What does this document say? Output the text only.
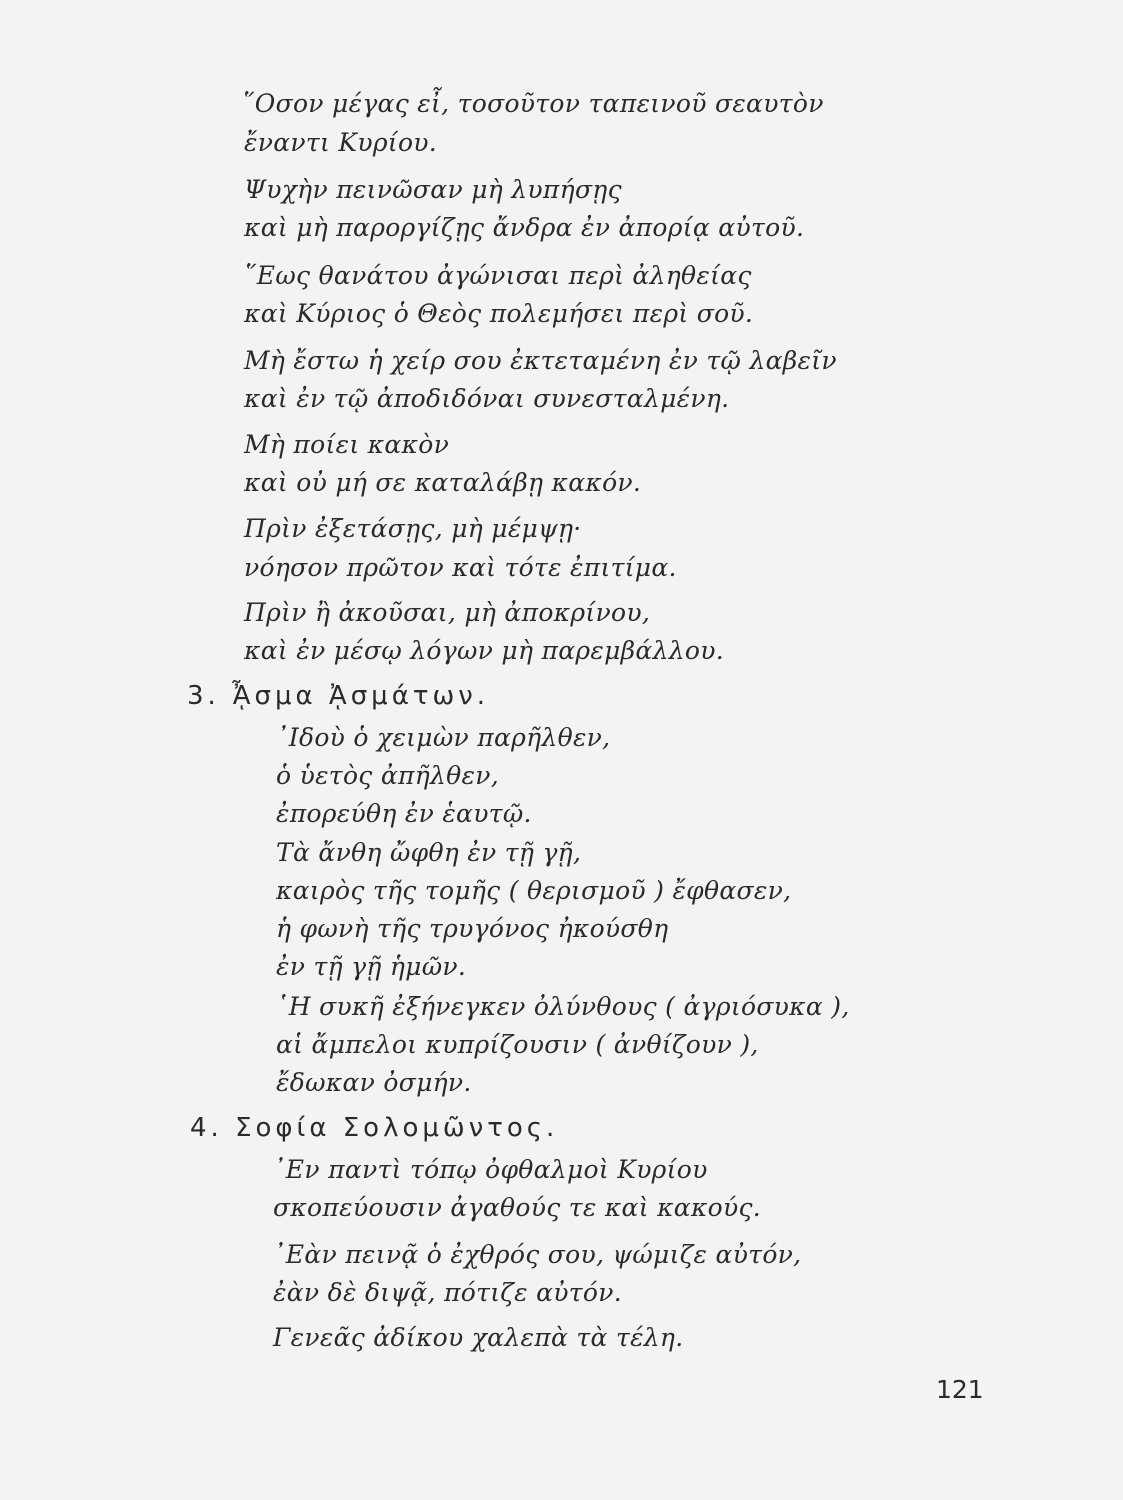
῞Οσον μέγας εἶ, τοσοῦτον ταπεινοῦ σεαυτὸν
ἔναντι Κυρίου.
Ψυχὴν πεινῶσαν μὴ λυπήσῃς
καὶ μὴ παροργίζῃς ἄνδρα ἐν ἀπορίᾳ αὐτοῦ.
῞Εως θανάτου ἀγώνισαι περὶ ἀληθείας
καὶ Κύριος ὁ Θεὸς πολεμήσει περὶ σοῦ.
Μὴ ἔστω ἡ χείρ σου ἐκτεταμένη ἐν τῷ λαβεῖν
καὶ ἐν τῷ ἀποδιδόναι συνεσταλμένη.
Μὴ ποίει κακὸν
καὶ οὐ μή σε καταλάβῃ κακόν.
Πρὶν ἐξετάσῃς, μὴ μέμψῃ·
νόησον πρῶτον καὶ τότε ἐπιτίμα.
Πρὶν ἢ ἀκοῦσαι, μὴ ἀποκρίνου,
καὶ ἐν μέσῳ λόγων μὴ παρεμβάλλου.
3. ᾎσμα ᾈσμάτων.
᾿Ιδοὺ ὁ χειμὼν παρῆλθεν,
ὁ ὑετὸς ἀπῆλθεν,
ἐπορεύθη ἐν ἑαυτῷ.
Τὰ ἄνθη ὤφθη ἐν τῇ γῇ,
καιρὸς τῆς τομῆς ( θερισμοῦ ) ἔφθασεν,
ἡ φωνὴ τῆς τρυγόνος ἠκούσθη
ἐν τῇ γῇ ἡμῶν.
῾Η συκῆ ἐξήνεγκεν ὀλύνθους ( ἀγριόσυκα ),
αἱ ἄμπελοι κυπρίζουσιν ( ἀνθίζουν ),
ἔδωκαν ὀσμήν.
4. Σοφία Σολομῶντος.
᾿Εν παντὶ τόπῳ ὀφθαλμοὶ Κυρίου
σκοπεύουσιν ἀγαθούς τε καὶ κακούς.
᾿Εὰν πεινᾷ ὁ ἐχθρός σου, ψώμιζε αὐτόν,
ἐὰν δὲ διψᾷ, πότιζε αὐτόν.
Γενεᾶς ἀδίκου χαλεπὰ τὰ τέλη.
121
